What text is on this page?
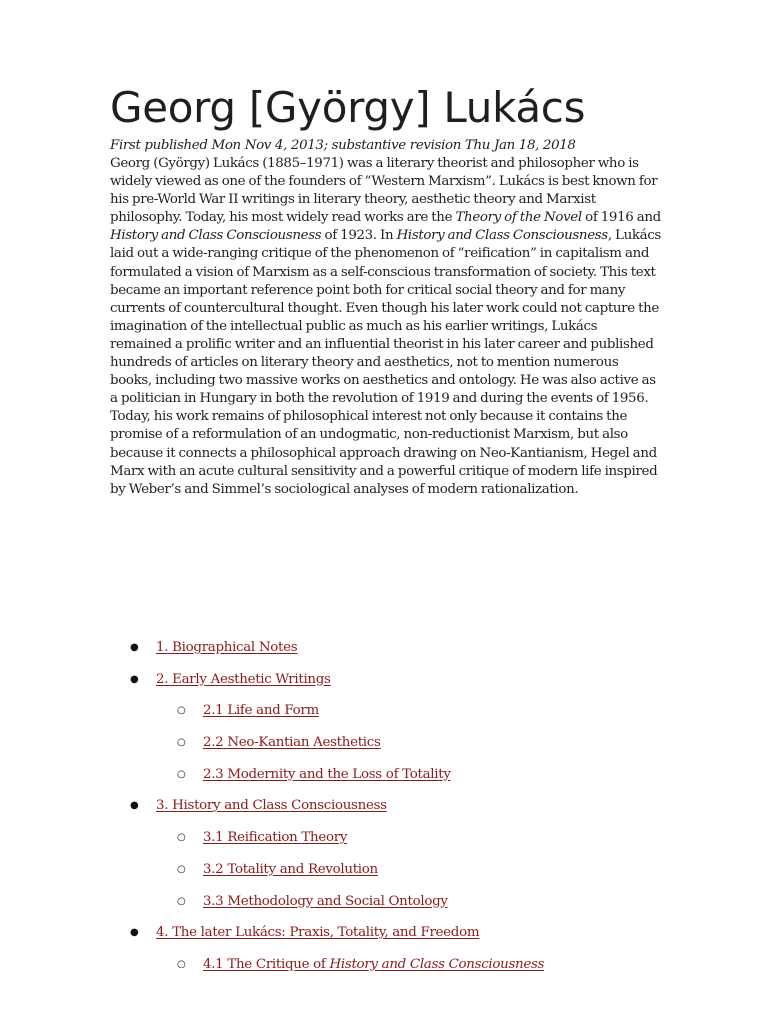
Georg [György] Lukács

First published Mon Nov 4, 2013; substantive revision Thu Jan 18, 2018

Georg (György) Lukács (1885–1971) was a literary theorist and philosopher who is widely viewed as one of the founders of “Western Marxism”. Lukács is best known for his pre-World War II writings in literary theory, aesthetic theory and Marxist philosophy. Today, his most widely read works are the Theory of the Novel of 1916 and History and Class Consciousness of 1923. In History and Class Consciousness, Lukács laid out a wide-ranging critique of the phenomenon of “reification” in capitalism and formulated a vision of Marxism as a self-conscious transformation of society. This text became an important reference point both for critical social theory and for many currents of countercultural thought. Even though his later work could not capture the imagination of the intellectual public as much as his earlier writings, Lukács remained a prolific writer and an influential theorist in his later career and published hundreds of articles on literary theory and aesthetics, not to mention numerous books, including two massive works on aesthetics and ontology. He was also active as a politician in Hungary in both the revolution of 1919 and during the events of 1956. Today, his work remains of philosophical interest not only because it contains the promise of a reformulation of an undogmatic, non-reductionist Marxism, but also because it connects a philosophical approach drawing on Neo-Kantianism, Hegel and Marx with an acute cultural sensitivity and a powerful critique of modern life inspired by Weber’s and Simmel’s sociological analyses of modern rationalization.

● 1. Biographical Notes
● 2. Early Aesthetic Writings
○ 2.1 Life and Form
○ 2.2 Neo-Kantian Aesthetics
○ 2.3 Modernity and the Loss of Totality
● 3. History and Class Consciousness
○ 3.1 Reification Theory
○ 3.2 Totality and Revolution
○ 3.3 Methodology and Social Ontology
● 4. The later Lukács: Praxis, Totality, and Freedom
○ 4.1 The Critique of History and Class Consciousness
